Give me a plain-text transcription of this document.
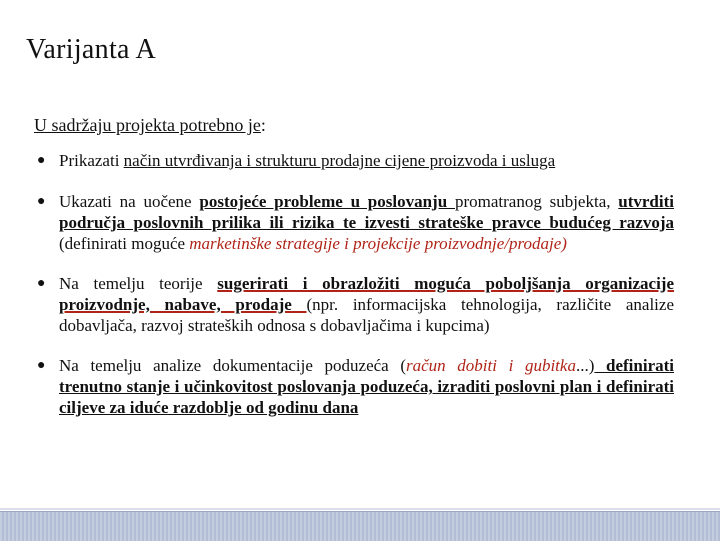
Varijanta A
U sadržaju projekta potrebno je:
● Prikazati način utvrđivanja i strukturu prodajne cijene proizvoda i usluga
● Ukazati na uočene postojeće probleme u poslovanju promatranog subjekta, utvrditi područja poslovnih prilika ili rizika te izvesti strateške pravce budućeg razvoja (definirati moguće marketinške strategije i projekcije proizvodnje/prodaje)
● Na temelju teorije sugerirati i obrazložiti moguća poboljšanja organizacije proizvodnje, nabave, prodaje (npr. informacijska tehnologija, različite analize dobavljača, razvoj strateških odnosa s dobavljačima i kupcima)
● Na temelju analize dokumentacije poduzeća (račun dobiti i gubitka...) definirati trenutno stanje i učinkovitost poslovanja poduzeća, izraditi poslovni plan i definirati ciljeve za iduće razdoblje od godinu dana
